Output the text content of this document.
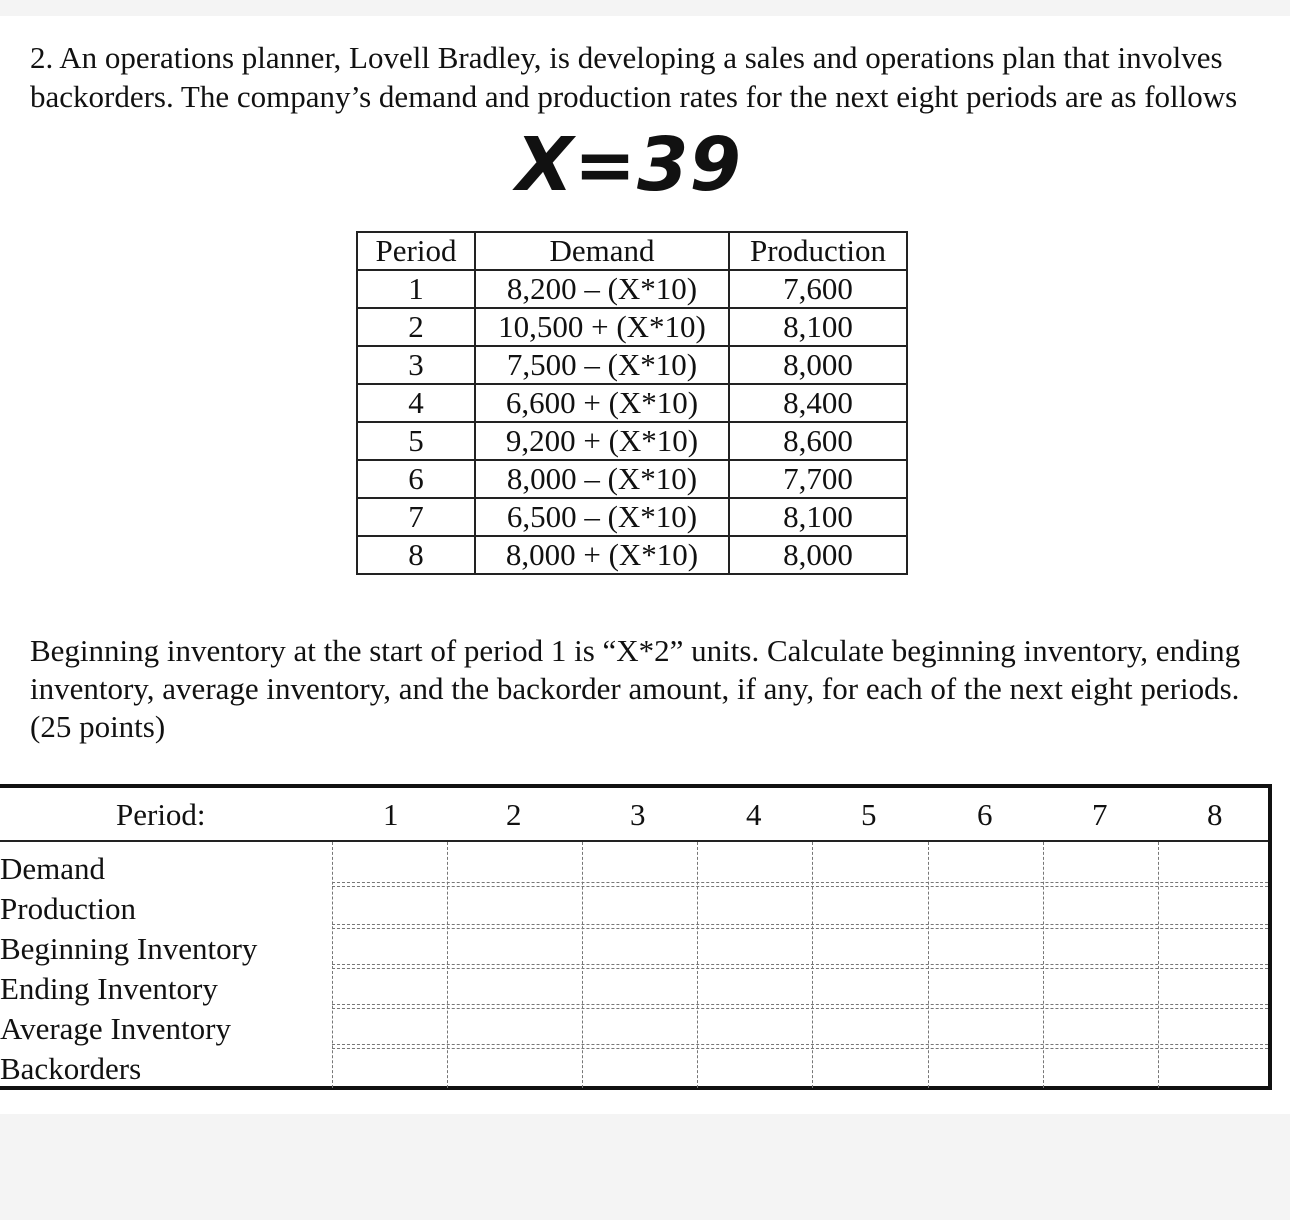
2. An operations planner, Lovell Bradley, is developing a sales and operations plan that involves backorders. The company’s demand and production rates for the next eight periods are as follows

X=39
Period	Demand	Production
1	8,200 – (X*10)	7,600
2	10,500 + (X*10)	8,100
3	7,500 – (X*10)	8,000
4	6,600 + (X*10)	8,400
5	9,200 + (X*10)	8,600
6	8,000 – (X*10)	7,700
7	6,500 – (X*10)	8,100
8	8,000 + (X*10)	8,000

Beginning inventory at the start of period 1 is “X*2” units. Calculate beginning inventory, ending inventory, average inventory, and the backorder amount, if any, for each of the next eight periods. (25 points)

Period:	1	2	3	4	5	6	7	8
Demand
Production
Beginning Inventory
Ending Inventory
Average Inventory
Backorders
